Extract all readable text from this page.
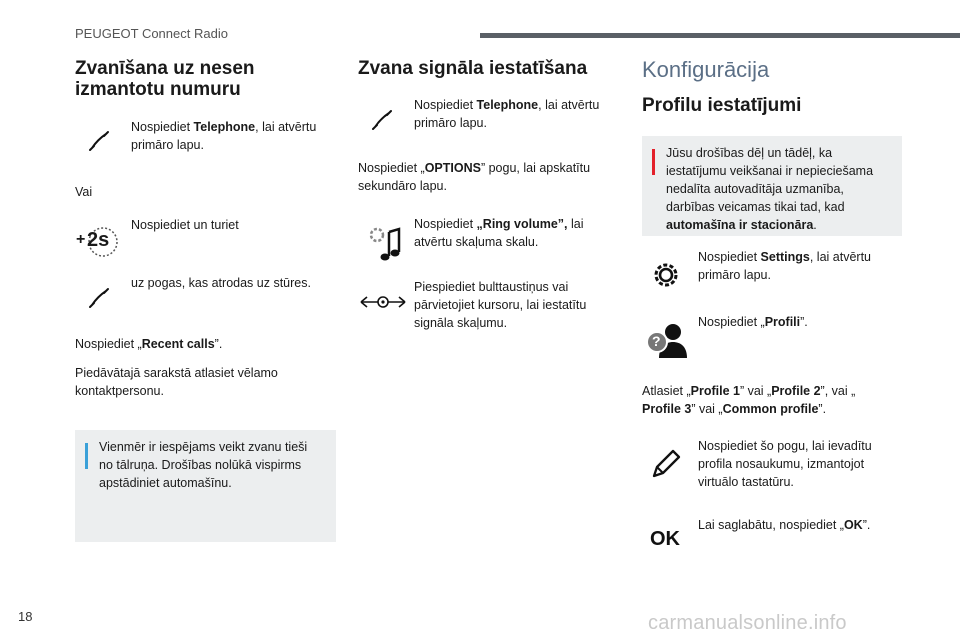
PEUGEOT Connect Radio
Zvanīšana uz nesen izmantotu numuru
Nospiediet Telephone, lai atvērtu primāro lapu.
Vai
+ 2s
Nospiediet un turiet
uz pogas, kas atrodas uz stūres.
Nospiediet „Recent calls”.
Piedāvātajā sarakstā atlasiet vēlamo kontaktpersonu.
Vienmēr ir iespējams veikt zvanu tieši no tālruņa. Drošības nolūkā vispirms apstādiniet automašīnu.
Zvana signāla iestatīšana
Nospiediet Telephone, lai atvērtu primāro lapu.
Nospiediet „OPTIONS” pogu, lai apskatītu sekundāro lapu.
Nospiediet „Ring volume”, lai atvērtu skaļuma skalu.
Piespiediet bulttaustiņus vai pārvietojiet kursoru, lai iestatītu signāla skaļumu.
Konfigurācija
Profilu iestatījumi
Jūsu drošības dēļ un tādēļ, ka iestatījumu veikšanai ir nepieciešama nedalīta autovadītāja uzmanība, darbības veicamas tikai tad, kad automašīna ir stacionāra.
Nospiediet Settings, lai atvērtu primāro lapu.
?
Nospiediet „Profili”.
Atlasiet „Profile 1” vai „Profile 2”, vai „ Profile 3” vai „Common profile”.
Nospiediet šo pogu, lai ievadītu profila nosaukumu, izmantojot virtuālo tastatūru.
OK
Lai saglabātu, nospiediet „OK”.
18	carmanualsonline.info
